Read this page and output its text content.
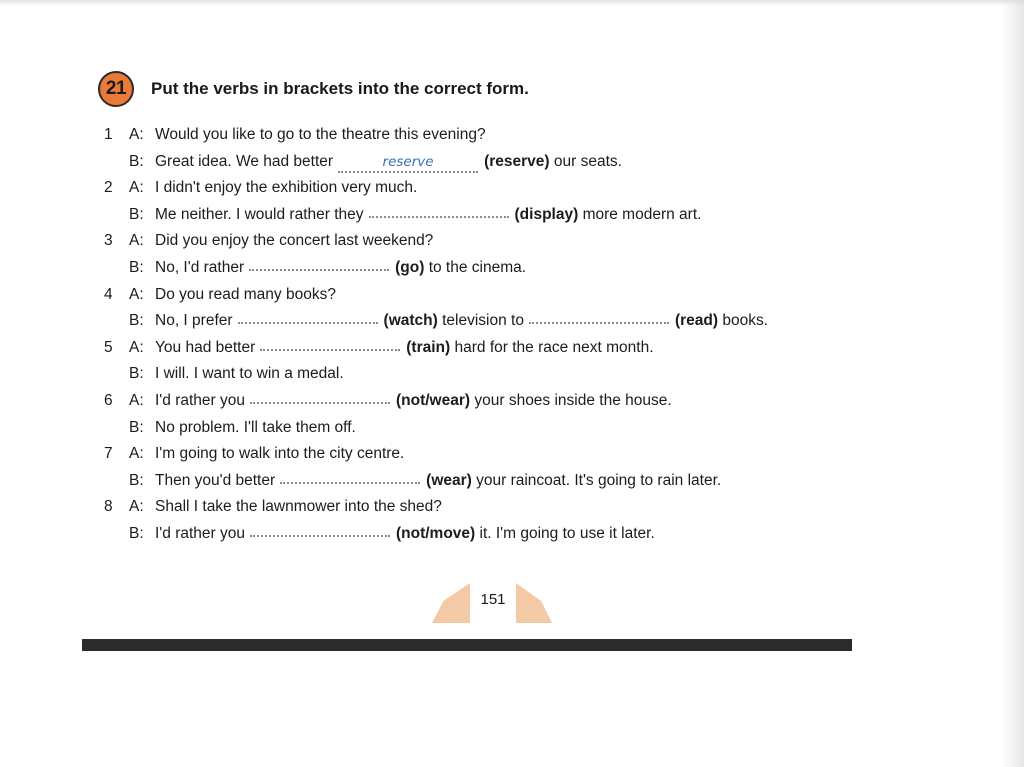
21	Put the verbs in brackets into the correct form.
1	A: Would you like to go to the theatre this evening?
B: Great idea. We had better	reserve	(reserve) our seats.
2	A: I didn't enjoy the exhibition very much.
B: Me neither. I would rather they	(display) more modern art.
3	A: Did you enjoy the concert last weekend?
B: No, I'd rather	(go) to the cinema.
4	A: Do you read many books?
B: No, I prefer	(watch) television to	(read) books.
5	A: You had better	(train) hard for the race next month.
B: I will. I want to win a medal.
6	A: I'd rather you	(not/wear) your shoes inside the house.
B: No problem. I'll take them off.
7	A: I'm going to walk into the city centre.
B: Then you'd better	(wear) your raincoat. It's going to rain later.
8	A: Shall I take the lawnmower into the shed?
B: I'd rather you	(not/move) it. I'm going to use it later.
151
